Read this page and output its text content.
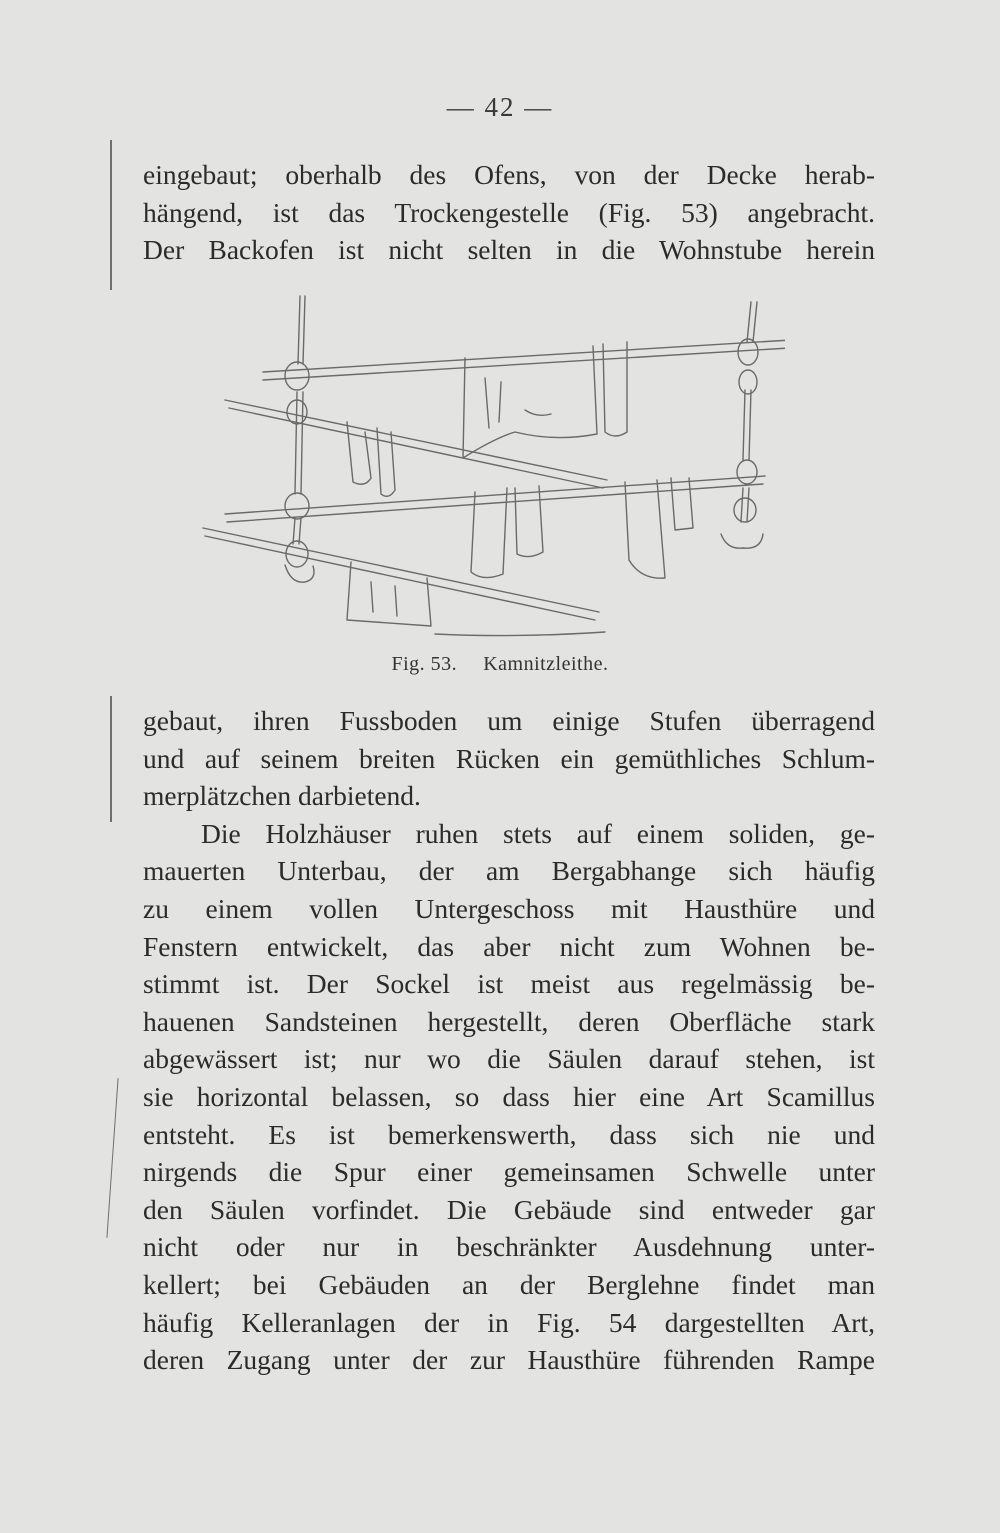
— 42 —
eingebaut; oberhalb des Ofens, von der Decke herab-
hängend, ist das Trockengestelle (Fig. 53) angebracht.
Der Backofen ist nicht selten in die Wohnstube herein
Fig. 53. Kamnitzleithe.
gebaut, ihren Fussboden um einige Stufen überragend
und auf seinem breiten Rücken ein gemüthliches Schlum-
merplätzchen darbietend.
Die Holzhäuser ruhen stets auf einem soliden, ge-
mauerten Unterbau, der am Bergabhange sich häufig
zu einem vollen Untergeschoss mit Hausthüre und
Fenstern entwickelt, das aber nicht zum Wohnen be-
stimmt ist. Der Sockel ist meist aus regelmässig be-
hauenen Sandsteinen hergestellt, deren Oberfläche stark
abgewässert ist; nur wo die Säulen darauf stehen, ist
sie horizontal belassen, so dass hier eine Art Scamillus
entsteht. Es ist bemerkenswerth, dass sich nie und
nirgends die Spur einer gemeinsamen Schwelle unter
den Säulen vorfindet. Die Gebäude sind entweder gar
nicht oder nur in beschränkter Ausdehnung unter-
kellert; bei Gebäuden an der Berglehne findet man
häufig Kelleranlagen der in Fig. 54 dargestellten Art,
deren Zugang unter der zur Hausthüre führenden Rampe
